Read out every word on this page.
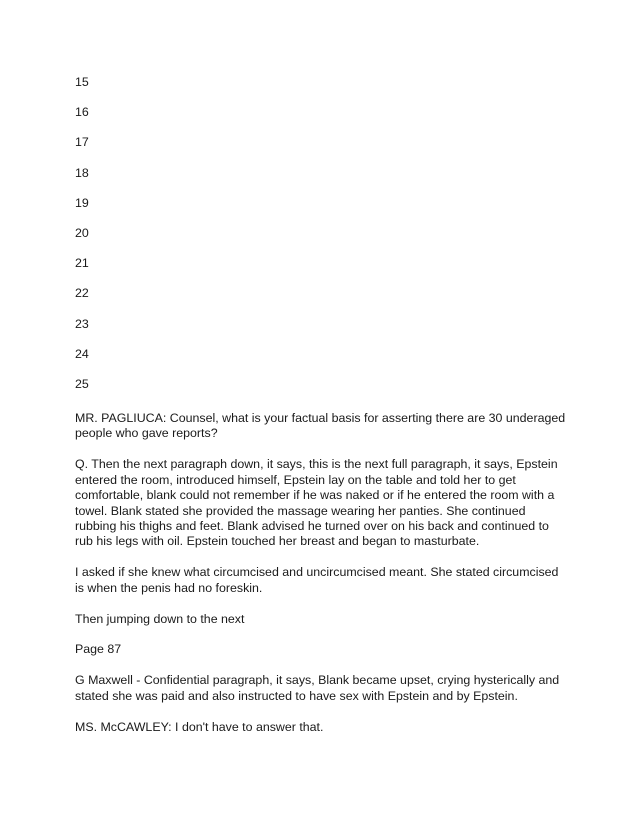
15
16
17
18
19
20
21
22
23
24
25

MR. PAGLIUCA: Counsel, what is your factual basis for asserting there are 30 underaged people who gave reports?

Q. Then the next paragraph down, it says, this is the next full paragraph, it says, Epstein entered the room, introduced himself, Epstein lay on the table and told her to get comfortable, blank could not remember if he was naked or if he entered the room with a towel. Blank stated she provided the massage wearing her panties. She continued rubbing his thighs and feet. Blank advised he turned over on his back and continued to rub his legs with oil. Epstein touched her breast and began to masturbate.

I asked if she knew what circumcised and uncircumcised meant. She stated circumcised is when the penis had no foreskin.

Then jumping down to the next

Page 87

G Maxwell - Confidential paragraph, it says, Blank became upset, crying hysterically and stated she was paid and also instructed to have sex with Epstein and by Epstein.

MS. McCAWLEY: I don't have to answer that.
